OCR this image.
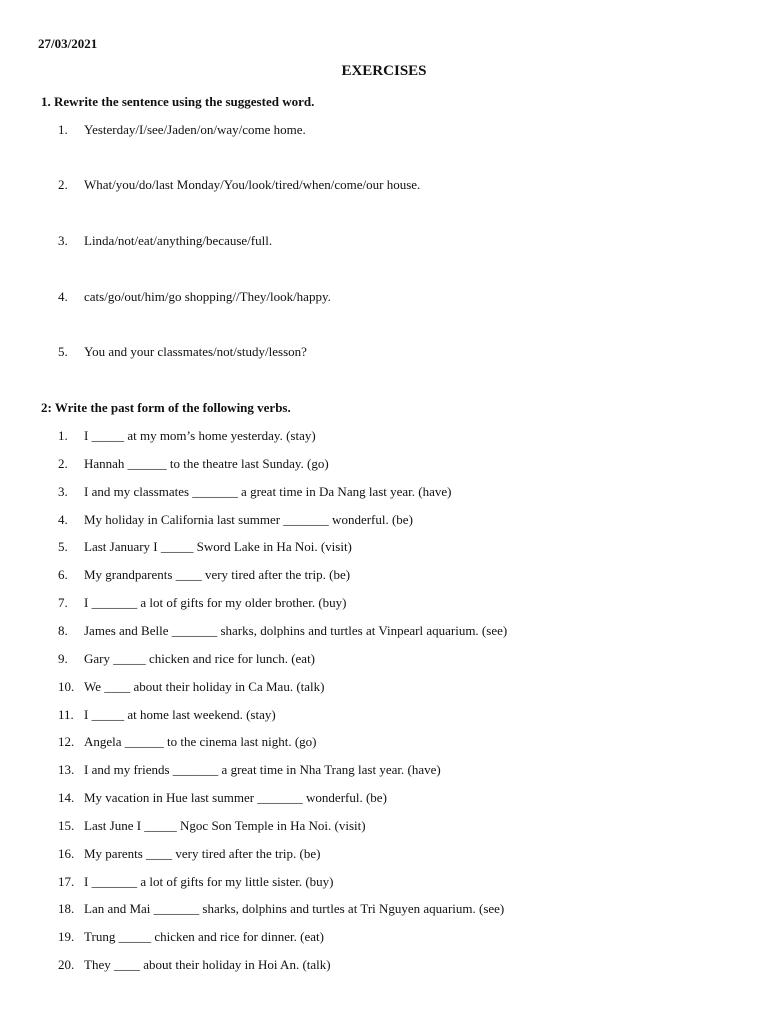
27/03/2021
EXERCISES
1. Rewrite the sentence using the suggested word.
1. Yesterday/I/see/Jaden/on/way/come home.
2. What/you/do/last Monday/You/look/tired/when/come/our house.
3. Linda/not/eat/anything/because/full.
4. cats/go/out/him/go shopping//They/look/happy.
5. You and your classmates/not/study/lesson?
2: Write the past form of the following verbs.
1. I _____ at my mom’s home yesterday. (stay)
2. Hannah ______ to the theatre last Sunday. (go)
3. I and my classmates _______ a great time in Da Nang last year. (have)
4. My holiday in California last summer _______ wonderful. (be)
5. Last January I _____ Sword Lake in Ha Noi. (visit)
6. My grandparents ____ very tired after the trip. (be)
7. I _______ a lot of gifts for my older brother. (buy)
8. James and Belle _______ sharks, dolphins and turtles at Vinpearl aquarium. (see)
9. Gary _____ chicken and rice for lunch. (eat)
10. We ____ about their holiday in Ca Mau. (talk)
11. I _____ at home last weekend. (stay)
12. Angela ______ to the cinema last night. (go)
13. I and my friends _______ a great time in Nha Trang last year. (have)
14. My vacation in Hue last summer _______ wonderful. (be)
15. Last June I _____ Ngoc Son Temple in Ha Noi. (visit)
16. My parents ____ very tired after the trip. (be)
17. I _______ a lot of gifts for my little sister. (buy)
18. Lan and Mai _______ sharks, dolphins and turtles at Tri Nguyen aquarium. (see)
19. Trung _____ chicken and rice for dinner. (eat)
20. They ____ about their holiday in Hoi An. (talk)
